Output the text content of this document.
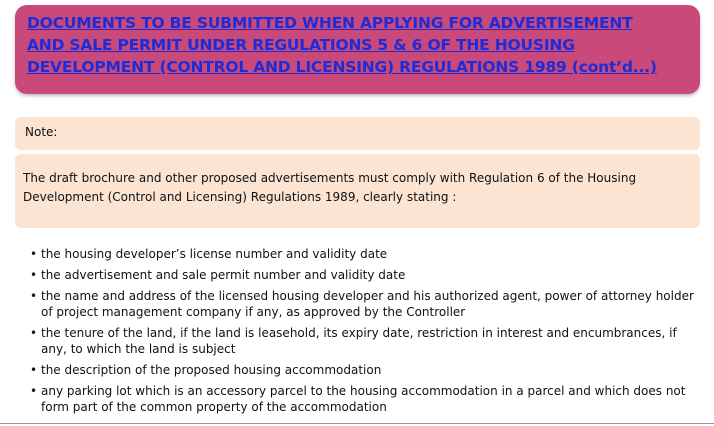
DOCUMENTS TO BE SUBMITTED WHEN APPLYING FOR ADVERTISEMENT
AND SALE PERMIT UNDER REGULATIONS 5 & 6 OF THE HOUSING
DEVELOPMENT (CONTROL AND LICENSING) REGULATIONS 1989 (cont’d...)
Note:
The draft brochure and other proposed advertisements must comply with Regulation 6 of the Housing Development (Control and Licensing) Regulations 1989, clearly stating :
• the housing developer’s license number and validity date
• the advertisement and sale permit number and validity date
• the name and address of the licensed housing developer and his authorized agent, power of attorney holder of project management company if any, as approved by the Controller
• the tenure of the land, if the land is leasehold, its expiry date, restriction in interest and encumbrances, if any, to which the land is subject
• the description of the proposed housing accommodation
• any parking lot which is an accessory parcel to the housing accommodation in a parcel and which does not form part of the common property of the accommodation
